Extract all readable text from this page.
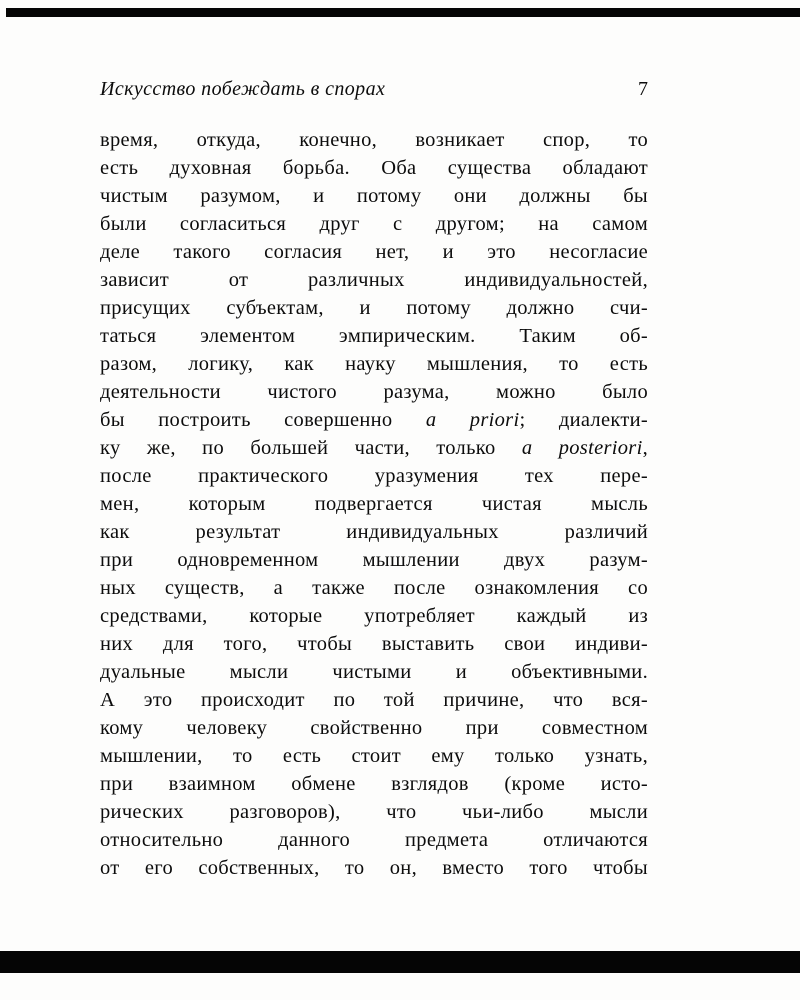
Искусство побеждать в спорах	7
время, откуда, конечно, возникает спор, то
есть духовная борьба. Оба существа обладают
чистым разумом, и потому они должны бы
были согласиться друг с другом; на самом
деле такого согласия нет, и это несогласие
зависит от различных индивидуальностей,
присущих субъектам, и потому должно счи-
таться элементом эмпирическим. Таким об-
разом, логику, как науку мышления, то есть
деятельности чистого разума, можно было
бы построить совершенно a priori; диалекти-
ку же, по большей части, только a posteriori,
после практического уразумения тех пере-
мен, которым подвергается чистая мысль
как результат индивидуальных различий
при одновременном мышлении двух разум-
ных существ, а также после ознакомления со
средствами, которые употребляет каждый из
них для того, чтобы выставить свои индиви-
дуальные мысли чистыми и объективными.
А это происходит по той причине, что вся-
кому человеку свойственно при совместном
мышлении, то есть стоит ему только узнать,
при взаимном обмене взглядов (кроме исто-
рических разговоров), что чьи-либо мысли
относительно данного предмета отличаются
от его собственных, то он, вместо того чтобы
